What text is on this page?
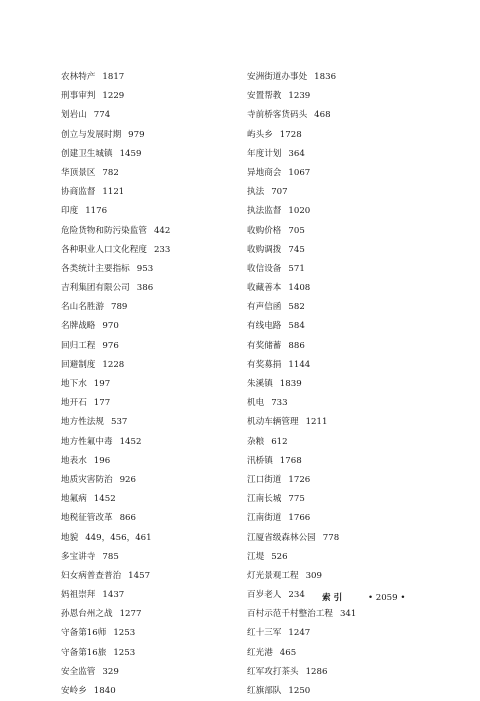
农林特产 1817
刑事审判 1229
划岩山 774
创立与发展时期 979
创建卫生城镇 1459
华顶景区 782
协商监督 1121
印度 1176
危险货物和防污染监管 442
各种职业人口文化程度 233
各类统计主要指标 953
吉利集团有限公司 386
名山名胜游 789
名牌战略 970
回归工程 976
回避制度 1228
地下水 197
地开石 177
地方性法规 537
地方性氟中毒 1452
地表水 196
地质灾害防治 926
地氟病 1452
地税征管改革 866
地貌 449，456，461
多宝讲寺 785
妇女病普查普治 1457
妈祖崇拜 1437
孙恩台州之战 1277
守备第16师 1253
守备第16旅 1253
安全监管 329
安岭乡 1840
安洲街道办事处 1836
安置帮教 1239
寺前桥客货码头 468
屿头乡 1728
年度计划 364
异地商会 1067
执法 707
执法监督 1020
收购价格 705
收购调拨 745
收信设备 571
收藏善本 1408
有声信函 582
有线电路 584
有奖储蓄 886
有奖募捐 1144
朱溪镇 1839
机电 733
机动车辆管理 1211
杂粮 612
汛桥镇 1768
江口街道 1726
江南长城 775
江南街道 1766
江厦省级森林公园 778
江堤 526
灯光景观工程 309
百岁老人 234
百村示范千村整治工程 341
红十三军 1247
红光港 465
红军攻打茶头 1286
红旗部队 1250
索引	• 2059 •
